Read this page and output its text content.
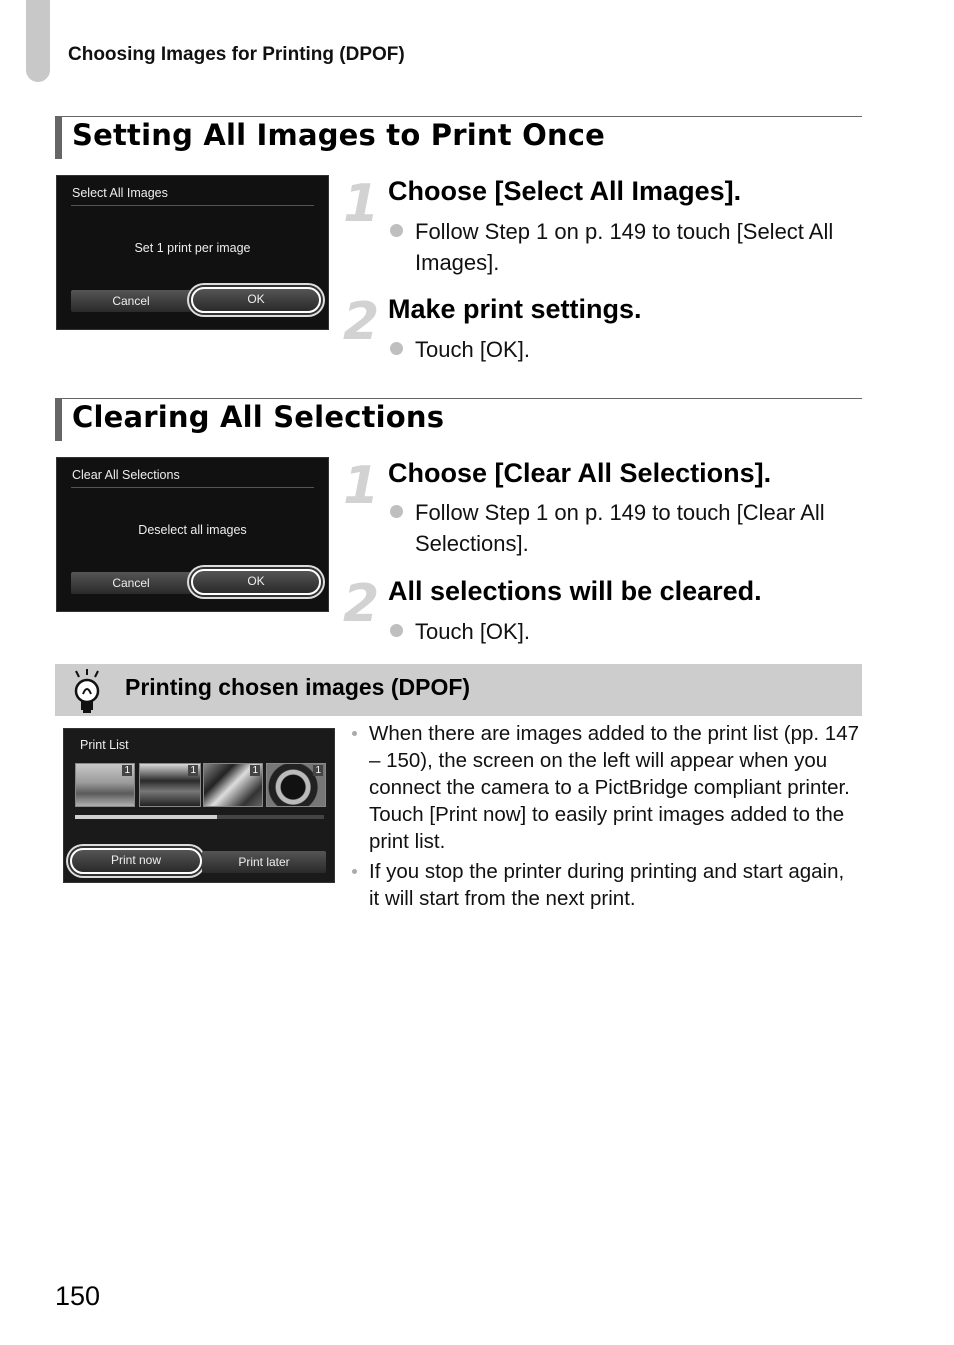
Choosing Images for Printing (DPOF)
Setting All Images to Print Once
Select All Images
Set 1 print per image
Cancel	OK
1 Choose [Select All Images].
Follow Step 1 on p. 149 to touch [Select All Images].
2 Make print settings.
Touch [OK].
Clearing All Selections
Clear All Selections
Deselect all images
Cancel	OK
1 Choose [Clear All Selections].
Follow Step 1 on p. 149 to touch [Clear All Selections].
2 All selections will be cleared.
Touch [OK].
Printing chosen images (DPOF)
Print List
1	1	1	1
Print now	Print later
When there are images added to the print list (pp. 147 – 150), the screen on the left will appear when you connect the camera to a PictBridge compliant printer. Touch [Print now] to easily print images added to the print list.
If you stop the printer during printing and start again, it will start from the next print.
150
